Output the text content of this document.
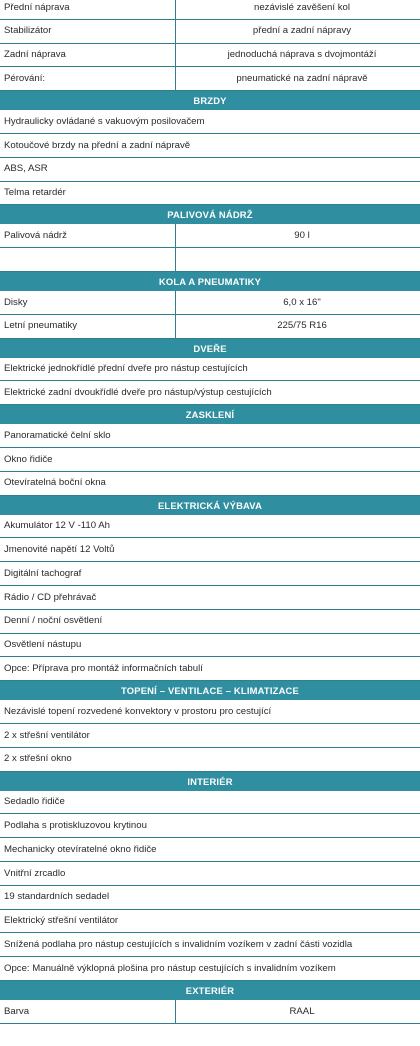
Přední náprava	nezávislé zavěšení kol
Stabilizátor	přední a zadní nápravy
Zadní náprava	jednoduchá náprava s dvojmontáží
Pérování:	pneumatické na zadní nápravě
BRZDY
Hydraulicky ovládané s vakuovým posilovačem
Kotoučové brzdy na přední a zadní nápravě
ABS, ASR
Telma retardér
PALIVOVÁ NÁDRŽ
Palivová nádrž	90 l
KOLA A PNEUMATIKY
Disky	6,0 x 16"
Letní pneumatiky	225/75 R16
DVEŘE
Elektrické jednokřídlé přední dveře pro nástup cestujících
Elektrické zadní dvoukřídlé dveře pro nástup/výstup cestujících
ZASKLENÍ
Panoramatické čelní sklo
Okno řidiče
Otevíratelná boční okna
ELEKTRICKÁ VÝBAVA
Akumulátor 12 V -110 Ah
Jmenovité napětí 12 Voltů
Digitální tachograf
Rádio / CD přehrávač
Denní / noční osvětlení
Osvětlení nástupu
Opce: Příprava pro montáž informačních tabulí
TOPENÍ – VENTILACE – KLIMATIZACE
Nezávislé topení rozvedené konvektory v prostoru pro cestující
2 x střešní ventilátor
2 x střešní okno
INTERIÉR
Sedadlo řidiče
Podlaha s protiskluzovou krytinou
Mechanicky otevíratelné okno řidiče
Vnitřní zrcadlo
19 standardních sedadel
Elektrický střešní ventilátor
Snížená podlaha pro nástup cestujících s invalidním vozíkem v zadní části vozidla
Opce: Manuálně výklopná plošina pro nástup cestujících s invalidním vozíkem
EXTERIÉR
Barva	RAAL
